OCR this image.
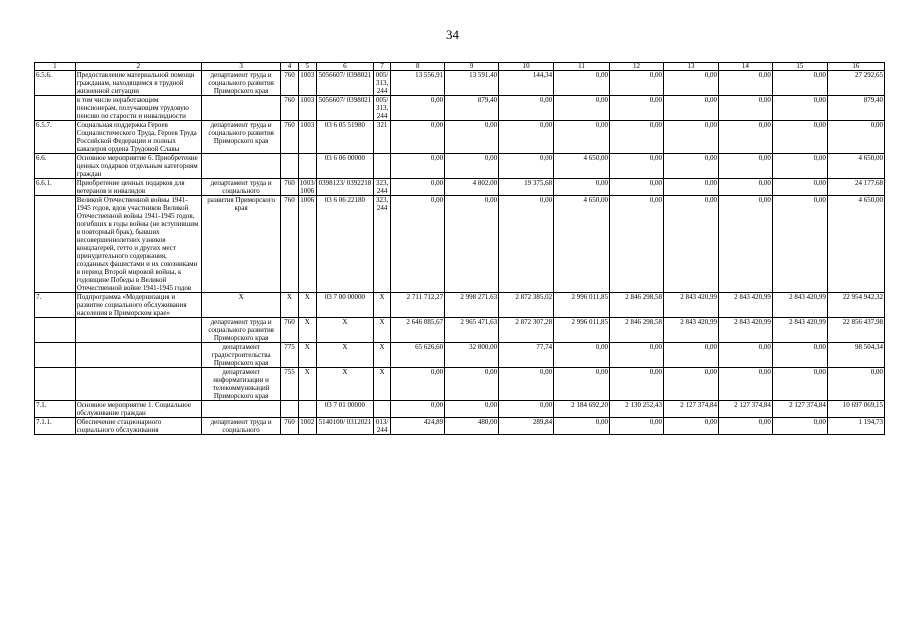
34
1	2	3	4	5	6	7	8	9	10	11	12	13	14	15	16
6.5.6.	Предоставление материальной помощи гражданам, находящимся в трудной жизненной ситуации	департамент труда и социального развития Приморского края	760	1003	5056607/ 0398021	005/ 313, 244	13 556,91	13 591,40	144,34	0,00	0,00	0,00	0,00	0,00	27 292,65
	в том числе неработающим пенсионерам, получающим трудовую пенсию по старости и инвалидности		760	1003	5056607/ 0398021	005/ 313, 244	0,00	879,40	0,00	0,00	0,00	0,00	0,00	0,00	879,40
6.5.7.	Социальная поддержка Героев Социалистического Труда, Героев Труда Российской Федерации и полных кавалеров ордена Трудовой Славы	департамент труда и социального развития Приморского края	760	1003	03 6 05 51980	321	0,00	0,00	0,00	0,00	0,00	0,00	0,00	0,00	0,00
6.6.	Основное мероприятие 6. Приобретение ценных подарков отдельным категориям граждан				03 6 06 00000		0,00	0,00	0,00	4 650,00	0,00	0,00	0,00	0,00	4 650,00
6.6.1.	Приобретение ценных подарков для ветеранов и инвалидов	департамент труда и социального	760	1003/ 1006	0398123/ 0392218	323, 244	0,00	4 802,00	19 375,68	0,00	0,00	0,00	0,00	0,00	24 177,68
	Великой Отечественной войны 1941-1945 годов, вдов участников Великой Отечественной войны 1941-1945 годов, погибших в годы войны (не вступившим в повторный брак), бывших несовершеннолетних узников концлагерей, гетто и других мест принудительного содержания, созданных фашистами и их союзниками в период Второй мировой войны, к годовщине Победы в Великой Отечественной войне 1941-1945 годов	развития Приморского края	760	1006	03 6 06 22180	323, 244	0,00	0,00	0,00	4 650,00	0,00	0,00	0,00	0,00	4 650,00
7.	Подпрограмма «Модернизация и развитие социального обслуживания населения в Приморском крае»	X	X	X	03 7 00 00000	X	2 711 712,27	2 998 271,63	2 872 385,02	2 996 011,85	2 846 298,58	2 843 420,99	2 843 420,99	2 843 420,99	22 954 942,32
		департамент труда и социального развития Приморского края	760	X	X	X	2 646 085,67	2 965 471,63	2 872 307,28	2 996 011,85	2 846 298,58	2 843 420,99	2 843 420,99	2 843 420,99	22 856 437,98
		департамент градостроительства Приморского края	775	X	X	X	65 626,60	32 800,00	77,74	0,00	0,00	0,00	0,00	0,00	98 504,34
		департамент информатизации и телекоммуникаций Приморского края	755	X	X	X	0,00	0,00	0,00	0,00	0,00	0,00	0,00	0,00	0,00
7.1.	Основное мероприятие 1. Социальное обслуживание граждан				03 7 01 00000		0,00	0,00	0,00	2 184 692,20	2 130 252,43	2 127 374,84	2 127 374,84	2 127 374,84	10 697 069,15
7.1.1.	Обеспечение стационарного социального обслуживания	департамент труда и социального	760	1002	5140100/ 0312021	013/ 244	424,89	480,00	289,84	0,00	0,00	0,00	0,00	0,00	1 194,73
